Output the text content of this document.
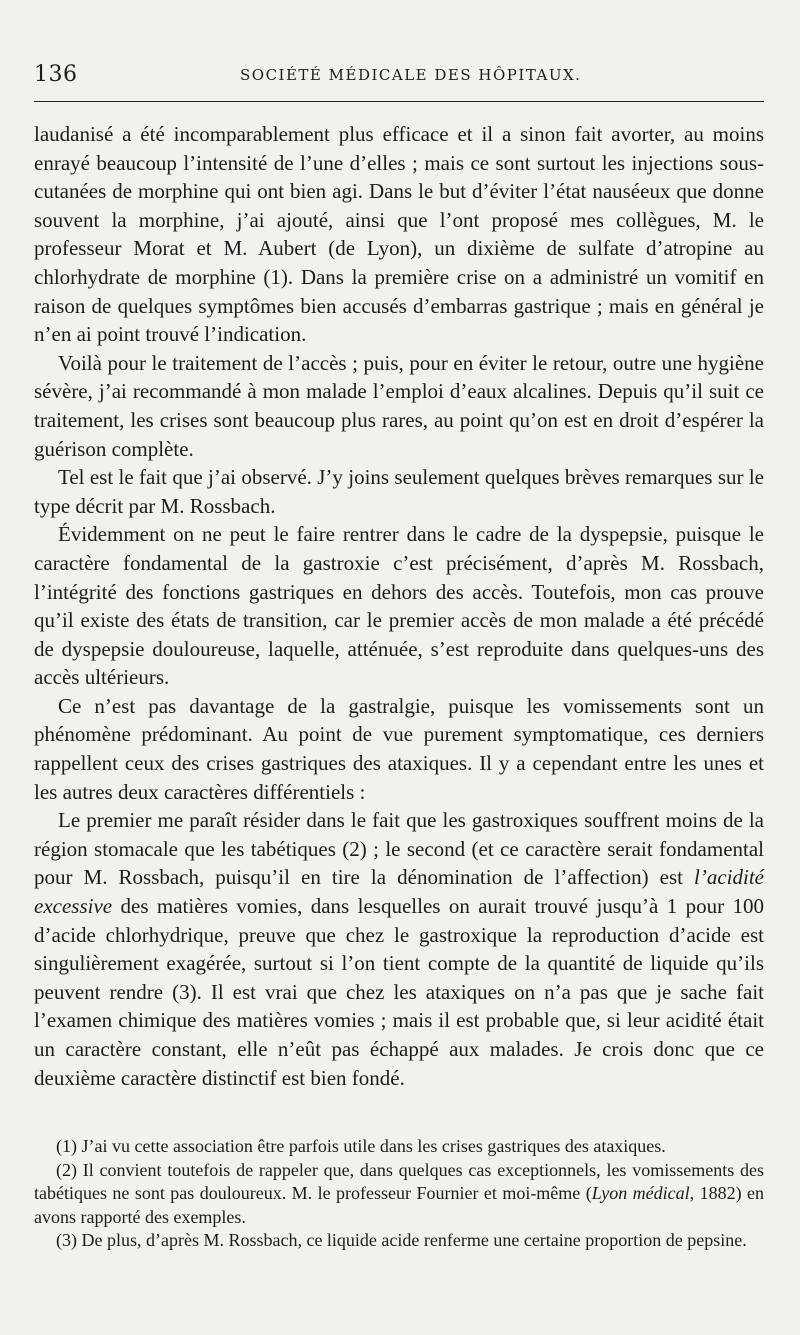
136	SOCIÉTÉ MÉDICALE DES HÔPITAUX.

laudanisé a été incomparablement plus efficace et il a sinon fait avorter, au moins enrayé beaucoup l’intensité de l’une d’elles ; mais ce sont surtout les injections sous-cutanées de morphine qui ont bien agi. Dans le but d’éviter l’état nauséeux que donne souvent la morphine, j’ai ajouté, ainsi que l’ont proposé mes collègues, M. le professeur Morat et M. Aubert (de Lyon), un dixième de sulfate d’atropine au chlorhydrate de morphine (1). Dans la première crise on a administré un vomitif en raison de quelques symptômes bien accusés d’embarras gastrique ; mais en général je n’en ai point trouvé l’indication.

Voilà pour le traitement de l’accès ; puis, pour en éviter le retour, outre une hygiène sévère, j’ai recommandé à mon malade l’emploi d’eaux alcalines. Depuis qu’il suit ce traitement, les crises sont beaucoup plus rares, au point qu’on est en droit d’espérer la guérison complète.

Tel est le fait que j’ai observé. J’y joins seulement quelques brèves remarques sur le type décrit par M. Rossbach.

Évidemment on ne peut le faire rentrer dans le cadre de la dyspepsie, puisque le caractère fondamental de la gastroxie c’est précisément, d’après M. Rossbach, l’intégrité des fonctions gastriques en dehors des accès. Toutefois, mon cas prouve qu’il existe des états de transition, car le premier accès de mon malade a été précédé de dyspepsie douloureuse, laquelle, atténuée, s’est reproduite dans quelques-uns des accès ultérieurs.

Ce n’est pas davantage de la gastralgie, puisque les vomissements sont un phénomène prédominant. Au point de vue purement symptomatique, ces derniers rappellent ceux des crises gastriques des ataxiques. Il y a cependant entre les unes et les autres deux caractères différentiels :

Le premier me paraît résider dans le fait que les gastroxiques souffrent moins de la région stomacale que les tabétiques (2) ; le second (et ce caractère serait fondamental pour M. Rossbach, puisqu’il en tire la dénomination de l’affection) est l’acidité excessive des matières vomies, dans lesquelles on aurait trouvé jusqu’à 1 pour 100 d’acide chlorhydrique, preuve que chez le gastroxique la reproduction d’acide est singulièrement exagérée, surtout si l’on tient compte de la quantité de liquide qu’ils peuvent rendre (3). Il est vrai que chez les ataxiques on n’a pas que je sache fait l’examen chimique des matières vomies ; mais il est probable que, si leur acidité était un caractère constant, elle n’eût pas échappé aux malades. Je crois donc que ce deuxième caractère distinctif est bien fondé.

(1) J’ai vu cette association être parfois utile dans les crises gastriques des ataxiques.

(2) Il convient toutefois de rappeler que, dans quelques cas exceptionnels, les vomissements des tabétiques ne sont pas douloureux. M. le professeur Fournier et moi-même (Lyon médical, 1882) en avons rapporté des exemples.

(3) De plus, d’après M. Rossbach, ce liquide acide renferme une certaine proportion de pepsine.
